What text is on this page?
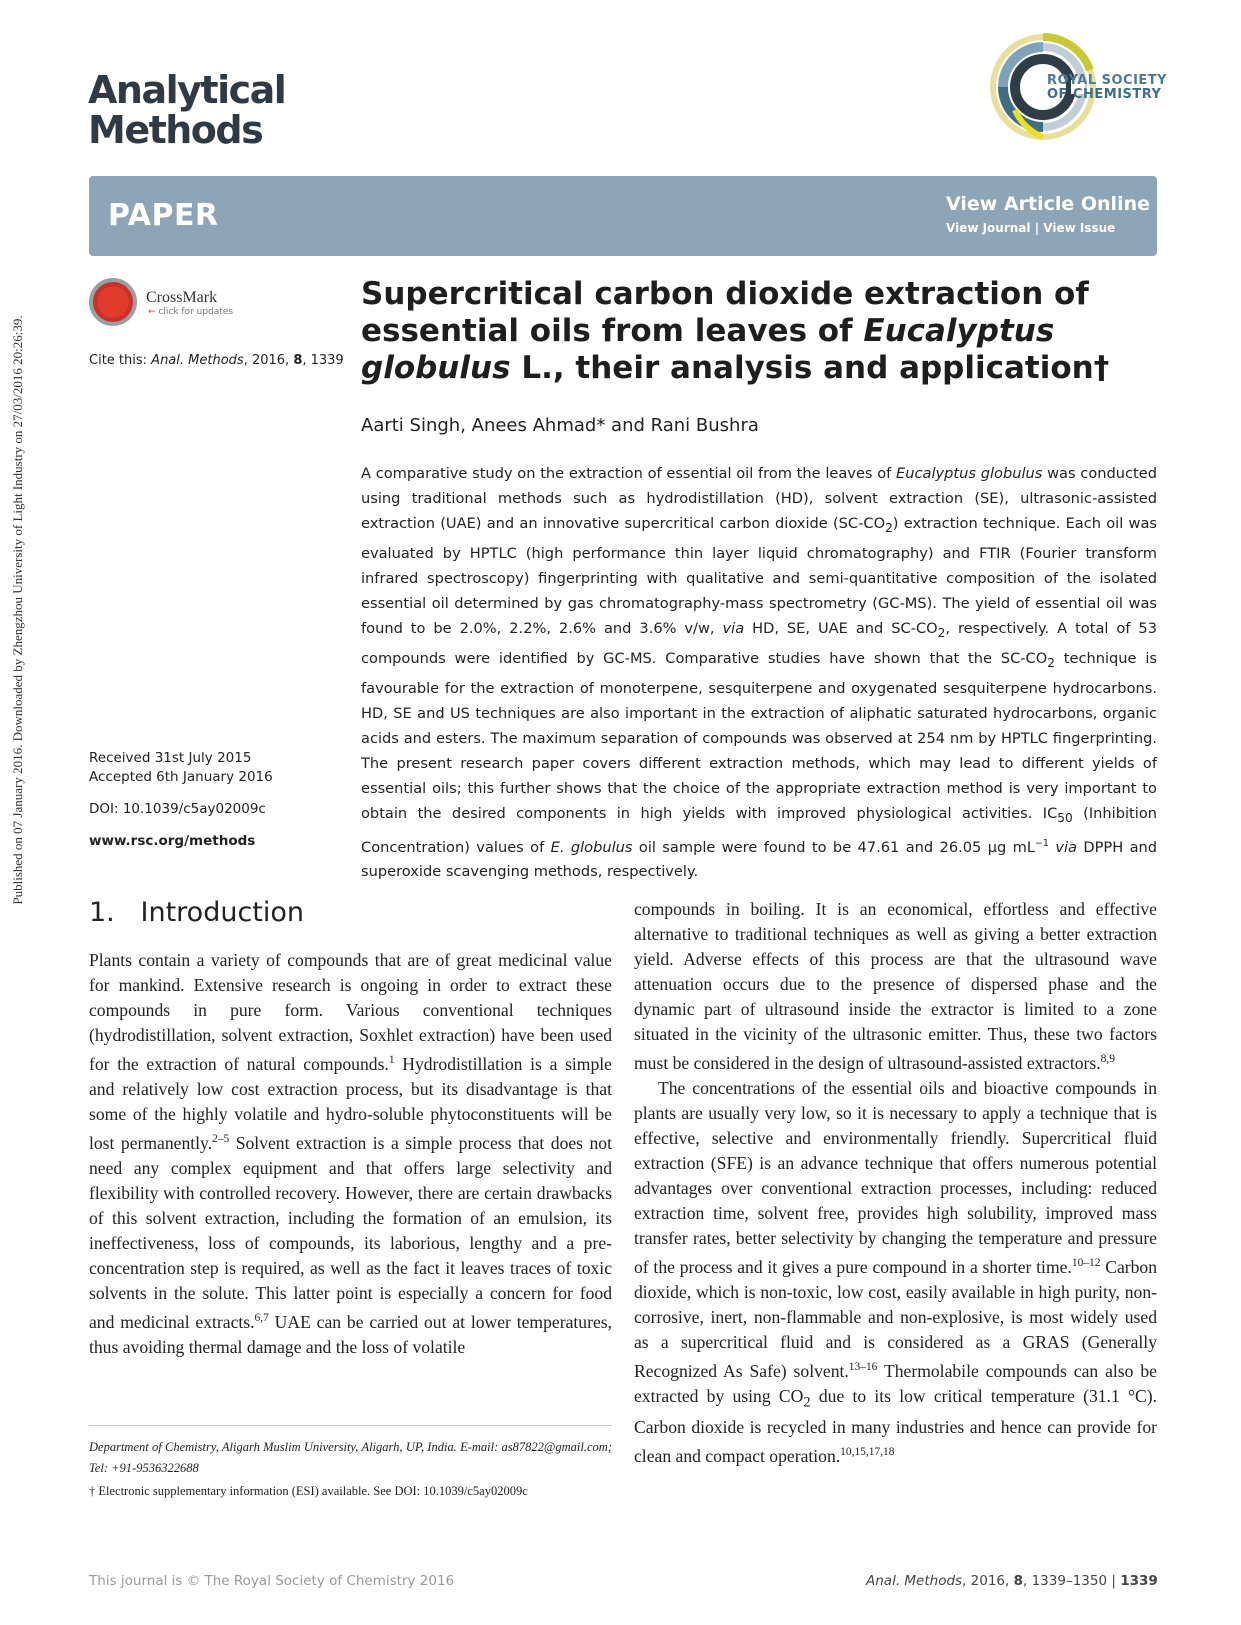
Published on 07 January 2016. Downloaded by Zhengzhou University of Light Industry on 27/03/2016 20:26:39.
Analytical
Methods
ROYAL SOCIETY
OF CHEMISTRY
PAPER	View Article Online
View Journal | View Issue
CrossMark
← click for updates
Cite this: Anal. Methods, 2016, 8, 1339
Supercritical carbon dioxide extraction of essential oils from leaves of Eucalyptus globulus L., their analysis and application†
Aarti Singh, Anees Ahmad* and Rani Bushra
A comparative study on the extraction of essential oil from the leaves of Eucalyptus globulus was conducted using traditional methods such as hydrodistillation (HD), solvent extraction (SE), ultrasonic-assisted extraction (UAE) and an innovative supercritical carbon dioxide $(SC-CO_2)$ extraction technique. Each oil was evaluated by HPTLC (high performance thin layer liquid chromatography) and FTIR (Fourier transform infrared spectroscopy) fingerprinting with qualitative and semi-quantitative composition of the isolated essential oil determined by gas chromatography-mass spectrometry (GC-MS). The yield of essential oil was found to be 2.0%, 2.2%, 2.6% and 3.6% v/w, via HD, SE, UAE and $SC-CO_2$, respectively. A total of 53 compounds were identified by GC-MS. Comparative studies have shown that the $SC-CO_2$ technique is favourable for the extraction of monoterpene, sesquiterpene and oxygenated sesquiterpene hydrocarbons. HD, SE and US techniques are also important in the extraction of aliphatic saturated hydrocarbons, organic acids and esters. The maximum separation of compounds was observed at 254 nm by HPTLC fingerprinting. The present research paper covers different extraction methods, which may lead to different yields of essential oils; this further shows that the choice of the appropriate extraction method is very important to obtain the desired components in high yields with improved physiological activities. $IC_{50}$ (Inhibition Concentration) values of E. globulus oil sample were found to be 47.61 and 26.05 μg $mL^{-1}$ via DPPH and superoxide scavenging methods, respectively.
Received 31st July 2015
Accepted 6th January 2016
DOI: 10.1039/c5ay02009c
www.rsc.org/methods
1. Introduction
Plants contain a variety of compounds that are of great medicinal value for mankind. Extensive research is ongoing in order to extract these compounds in pure form. Various conventional techniques (hydrodistillation, solvent extraction, Soxhlet extraction) have been used for the extraction of natural compounds.$^1$ Hydrodistillation is a simple and relatively low cost extraction process, but its disadvantage is that some of the highly volatile and hydro-soluble phytoconstituents will be lost permanently.$^{2-5}$ Solvent extraction is a simple process that does not need any complex equipment and that offers large selectivity and flexibility with controlled recovery. However, there are certain drawbacks of this solvent extraction, including the formation of an emulsion, its ineffectiveness, loss of compounds, its laborious, lengthy and a pre-concentration step is required, as well as the fact it leaves traces of toxic solvents in the solute. This latter point is especially a concern for food and medicinal extracts.$^{6,7}$ UAE can be carried out at lower temperatures, thus avoiding thermal damage and the loss of volatile
compounds in boiling. It is an economical, effortless and effective alternative to traditional techniques as well as giving a better extraction yield. Adverse effects of this process are that the ultrasound wave attenuation occurs due to the presence of dispersed phase and the dynamic part of ultrasound inside the extractor is limited to a zone situated in the vicinity of the ultrasonic emitter. Thus, these two factors must be considered in the design of ultrasound-assisted extractors.$^{8,9}$
The concentrations of the essential oils and bioactive compounds in plants are usually very low, so it is necessary to apply a technique that is effective, selective and environmentally friendly. Supercritical fluid extraction (SFE) is an advance technique that offers numerous potential advantages over conventional extraction processes, including: reduced extraction time, solvent free, provides high solubility, improved mass transfer rates, better selectivity by changing the temperature and pressure of the process and it gives a pure compound in a shorter time.$^{10-12}$ Carbon dioxide, which is non-toxic, low cost, easily available in high purity, non-corrosive, inert, non-flammable and non-explosive, is most widely used as a supercritical fluid and is considered as a GRAS (Generally Recognized As Safe) solvent.$^{13-16}$ Thermolabile compounds can also be extracted by using $CO_2$ due to its low critical temperature (31.1 °C). Carbon dioxide is recycled in many industries and hence can provide for clean and compact operation.$^{10,15,17,18}$
Department of Chemistry, Aligarh Muslim University, Aligarh, UP, India. E-mail: as87822@gmail.com; Tel: +91-9536322688
† Electronic supplementary information (ESI) available. See DOI: 10.1039/c5ay02009c
This journal is © The Royal Society of Chemistry 2016	Anal. Methods, 2016, 8, 1339–1350 | 1339
